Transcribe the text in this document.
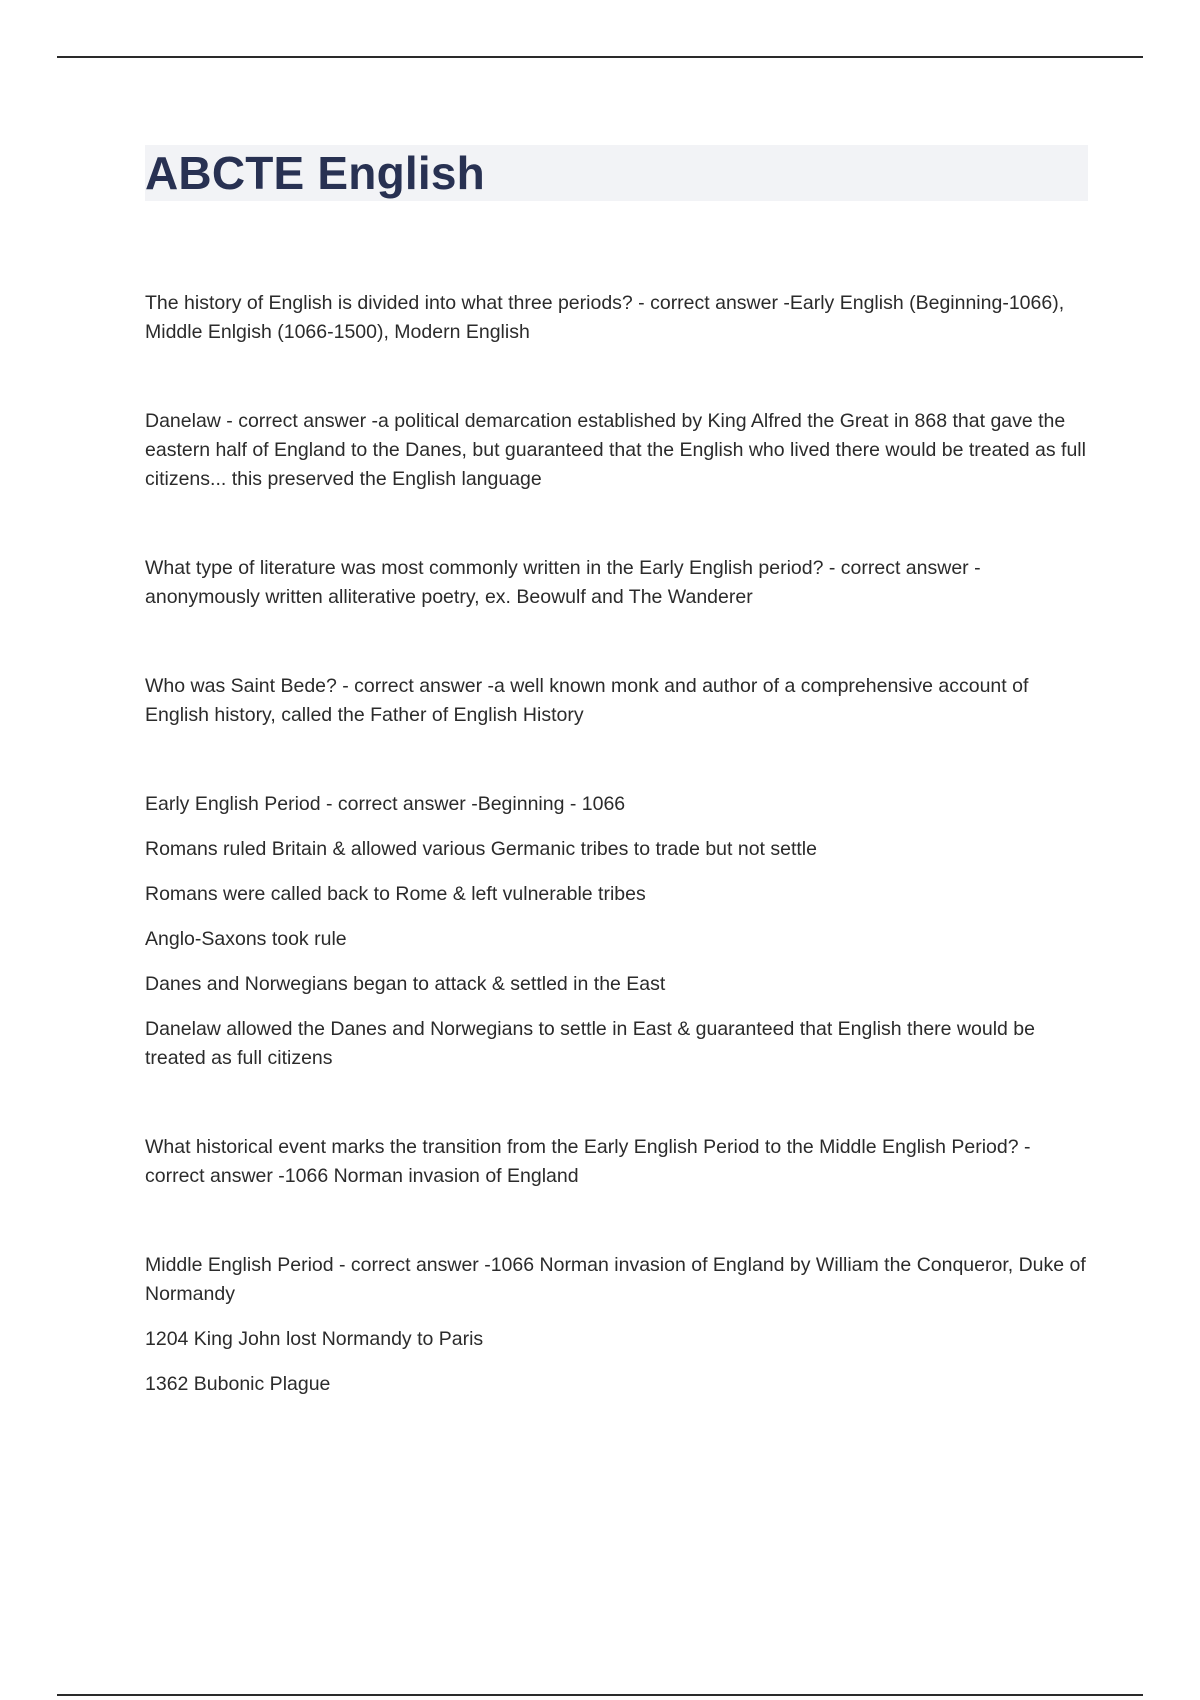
ABCTE English

The history of English is divided into what three periods? - correct answer -Early English (Beginning-1066), Middle Enlgish (1066-1500), Modern English

Danelaw - correct answer -a political demarcation established by King Alfred the Great in 868 that gave the eastern half of England to the Danes, but guaranteed that the English who lived there would be treated as full citizens... this preserved the English language

What type of literature was most commonly written in the Early English period? - correct answer -anonymously written alliterative poetry, ex. Beowulf and The Wanderer

Who was Saint Bede? - correct answer -a well known monk and author of a comprehensive account of English history, called the Father of English History

Early English Period - correct answer -Beginning - 1066

Romans ruled Britain & allowed various Germanic tribes to trade but not settle

Romans were called back to Rome & left vulnerable tribes

Anglo-Saxons took rule

Danes and Norwegians began to attack & settled in the East

Danelaw allowed the Danes and Norwegians to settle in East & guaranteed that English there would be treated as full citizens

What historical event marks the transition from the Early English Period to the Middle English Period? - correct answer -1066 Norman invasion of England

Middle English Period - correct answer -1066 Norman invasion of England by William the Conqueror, Duke of Normandy

1204 King John lost Normandy to Paris

1362 Bubonic Plague
